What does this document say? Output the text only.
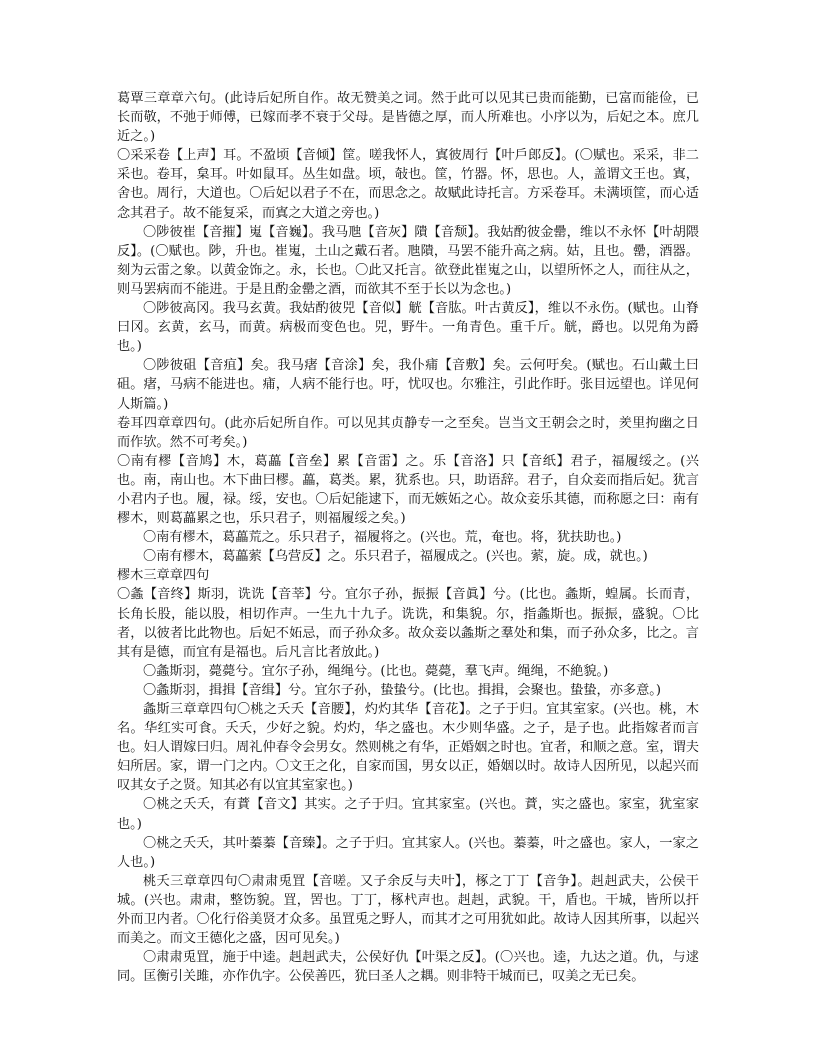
葛覃三章章六句。(此诗后妃所自作。故无赞美之词。然于此可以见其已贵而能勤，已富而能俭，已长而敬，不弛于师傅，已嫁而孝不衰于父母。是皆德之厚，而人所难也。小序以为，后妃之本。庶几近之。)

〇采采卷【上声】耳。不盈顷【音倾】筐。嗟我怀人，寘彼周行【叶戶郎反】。(〇赋也。采采，非二采也。卷耳，枲耳。叶如鼠耳。丛生如盘。顷，敧也。筐，竹器。怀，思也。人，盖谓文王也。寘，舍也。周行，大道也。〇后妃以君子不在，而思念之。故赋此诗托言。方采卷耳。未满顷筐，而心适念其君子。故不能复采，而寘之大道之旁也。)

〇陟彼崔【音摧】嵬【音巍】。我马虺【音灰】隤【音颓】。我姑酌彼金罍，维以不永怀【叶胡隈反】。(〇赋也。陟，升也。崔嵬，土山之戴石者。虺隤，马罢不能升高之病。姑，且也。罍，酒器。刻为云雷之象。以黄金饰之。永，长也。〇此又托言。欲登此崔嵬之山，以望所怀之人，而往从之，则马罢病而不能进。于是且酌金罍之酒，而欲其不至于长以为念也。)

〇陟彼高冈。我马玄黄。我姑酌彼兕【音似】觥【音肱。叶古黄反】，维以不永伤。(赋也。山脊曰冈。玄黄，玄马，而黄。病极而变色也。兕，野牛。一角青色。重千斤。觥，爵也。以兕角为爵也。)

〇陟彼砠【音疽】矣。我马瘏【音涂】矣，我仆痡【音敷】矣。云何吁矣。(赋也。石山戴土曰砠。瘏，马病不能进也。痡，人病不能行也。吁，忧叹也。尔雅注，引此作盱。张目远望也。详见何人斯篇。)

卷耳四章章四句。(此亦后妃所自作。可以见其贞静专一之至矣。岂当文王朝会之时，羑里拘幽之日而作欤。然不可考矣。)

〇南有樛【音鸠】木，葛藟【音垒】累【音雷】之。乐【音洛】只【音纸】君子，福履绥之。(兴也。南，南山也。木下曲曰樛。藟，葛类。累，犹系也。只，助语辞。君子，自众妾而指后妃。犹言小君内子也。履，禄。绥，安也。〇后妃能逮下，而无嫉妬之心。故众妾乐其德，而称愿之曰：南有樛木，则葛藟累之也，乐只君子，则福履绥之矣。)

〇南有樛木，葛藟荒之。乐只君子，福履将之。(兴也。荒，奄也。将，犹扶助也。)

〇南有樛木，葛藟萦【乌营反】之。乐只君子，福履成之。(兴也。萦，旋。成，就也。)

樛木三章章四句

〇螽【音终】斯羽，诜诜【音莘】兮。宜尔子孙，振振【音眞】兮。(比也。螽斯，蝗属。长而青，长角长股，能以股，相切作声。一生九十九子。诜诜，和集貌。尔，指螽斯也。振振，盛貌。〇比者，以彼者比此物也。后妃不妬忌，而子孙众多。故众妾以螽斯之羣处和集，而子孙众多，比之。言其有是德，而宜有是福也。后凡言比者放此。)

〇螽斯羽，薨薨兮。宜尔子孙，绳绳兮。(比也。薨薨，羣飞声。绳绳，不絶貌。)

〇螽斯羽，揖揖【音缉】兮。宜尔子孙，蛰蛰兮。(比也。揖揖，会聚也。蛰蛰，亦多意。)

螽斯三章章四句〇桃之夭夭【音腰】，灼灼其华【音花】。之子于归。宜其室家。(兴也。桃，木名。华红实可食。夭夭，少好之貌。灼灼，华之盛也。木少则华盛。之子，是子也。此指嫁者而言也。妇人谓嫁曰归。周礼仲春令会男女。然则桃之有华，正婚姻之时也。宜者，和顺之意。室，谓夫妇所居。家，谓一门之内。〇文王之化，自家而国，男女以正，婚姻以时。故诗人因所见，以起兴而叹其女子之贤。知其必有以宜其室家也。)

〇桃之夭夭，有蕡【音文】其实。之子于归。宜其家室。(兴也。蕡，实之盛也。家室，犹室家也。)

〇桃之夭夭，其叶蓁蓁【音臻】。之子于归。宜其家人。(兴也。蓁蓁，叶之盛也。家人，一家之人也。)

桃夭三章章四句〇肃肃兎罝【音嗟。又子余反与夫叶】，椓之丁丁【音争】。赳赳武夫，公侯干城。(兴也。肃肃，整饬貌。罝，罟也。丁丁，椓杙声也。赳赳，武貌。干，盾也。干城，皆所以扞外而卫内者。〇化行俗美贤才众多。虽罝兎之野人，而其才之可用犹如此。故诗人因其所事，以起兴而美之。而文王德化之盛，因可见矣。)

〇肃肃兎罝，施于中逵。赳赳武夫，公侯好仇【叶渠之反】。(〇兴也。逵，九达之道。仇，与逑同。匡衡引关雎，亦作仇字。公侯善匹，犹曰圣人之耦。则非特干城而已，叹美之无已矣。
